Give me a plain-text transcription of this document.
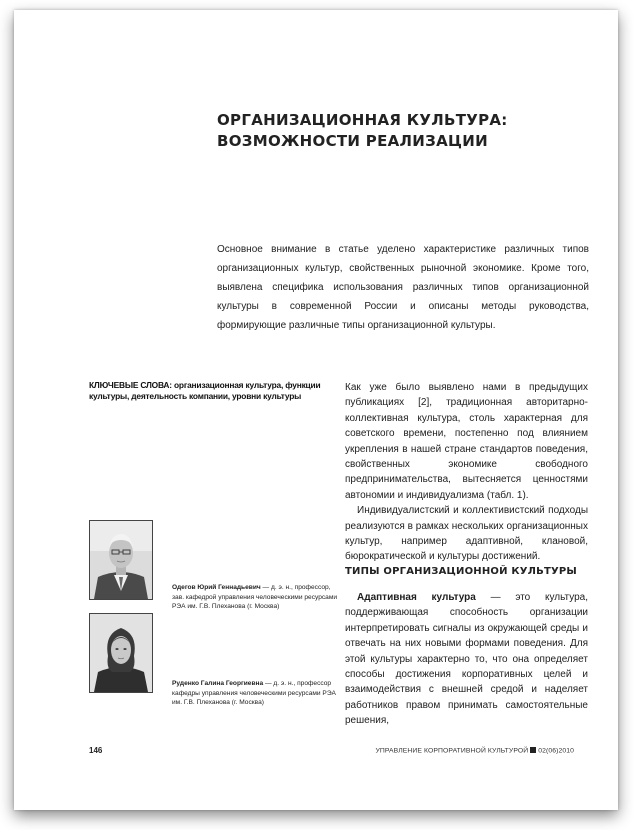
ОРГАНИЗАЦИОННАЯ КУЛЬТУРА:
ВОЗМОЖНОСТИ РЕАЛИЗАЦИИ
Основное внимание в статье уделено характеристике различных типов организационных культур, свойственных рыночной экономике. Кроме того, выявлена специфика использования различных типов организационной культуры в современной России и описаны методы руководства, формирующие различные типы организационной культуры.
КЛЮЧЕВЫЕ СЛОВА: организационная культура, функции культуры, деятельность компании, уровни культуры
Одегов Юрий Геннадьевич — д. э. н., профессор, зав. кафедрой управления человеческими ресурсами РЭА им. Г.В. Плеханова (г. Москва)
Руденко Галина Георгиевна — д. э. н., профессор кафедры управления человеческими ресурсами РЭА им. Г.В. Плеханова (г. Москва)

Как уже было выявлено нами в предыдущих публикациях [2], традиционная авторитарно-коллективная культура, столь характерная для советского времени, постепенно под влиянием укрепления в нашей стране стандартов поведения, свойственных экономике свободного предпринимательства, вытесняется ценностями автономии и индивидуализма (табл. 1).

Индивидуалистский и коллективистский подходы реализуются в рамках нескольких организационных культур, например адаптивной, клановой, бюрократической и культуры достижений.

ТИПЫ ОРГАНИЗАЦИОННОЙ КУЛЬТУРЫ

Адаптивная культура — это культура, поддерживающая способность организации интерпретировать сигналы из окружающей среды и отвечать на них новыми формами поведения. Для этой культуры характерно то, что она определяет способы достижения корпоративных целей и взаимодействия с внешней средой и наделяет работников правом принимать самостоятельные решения,

146	УПРАВЛЕНИЕ КОРПОРАТИВНОЙ КУЛЬТУРОЙ 02(06)2010
